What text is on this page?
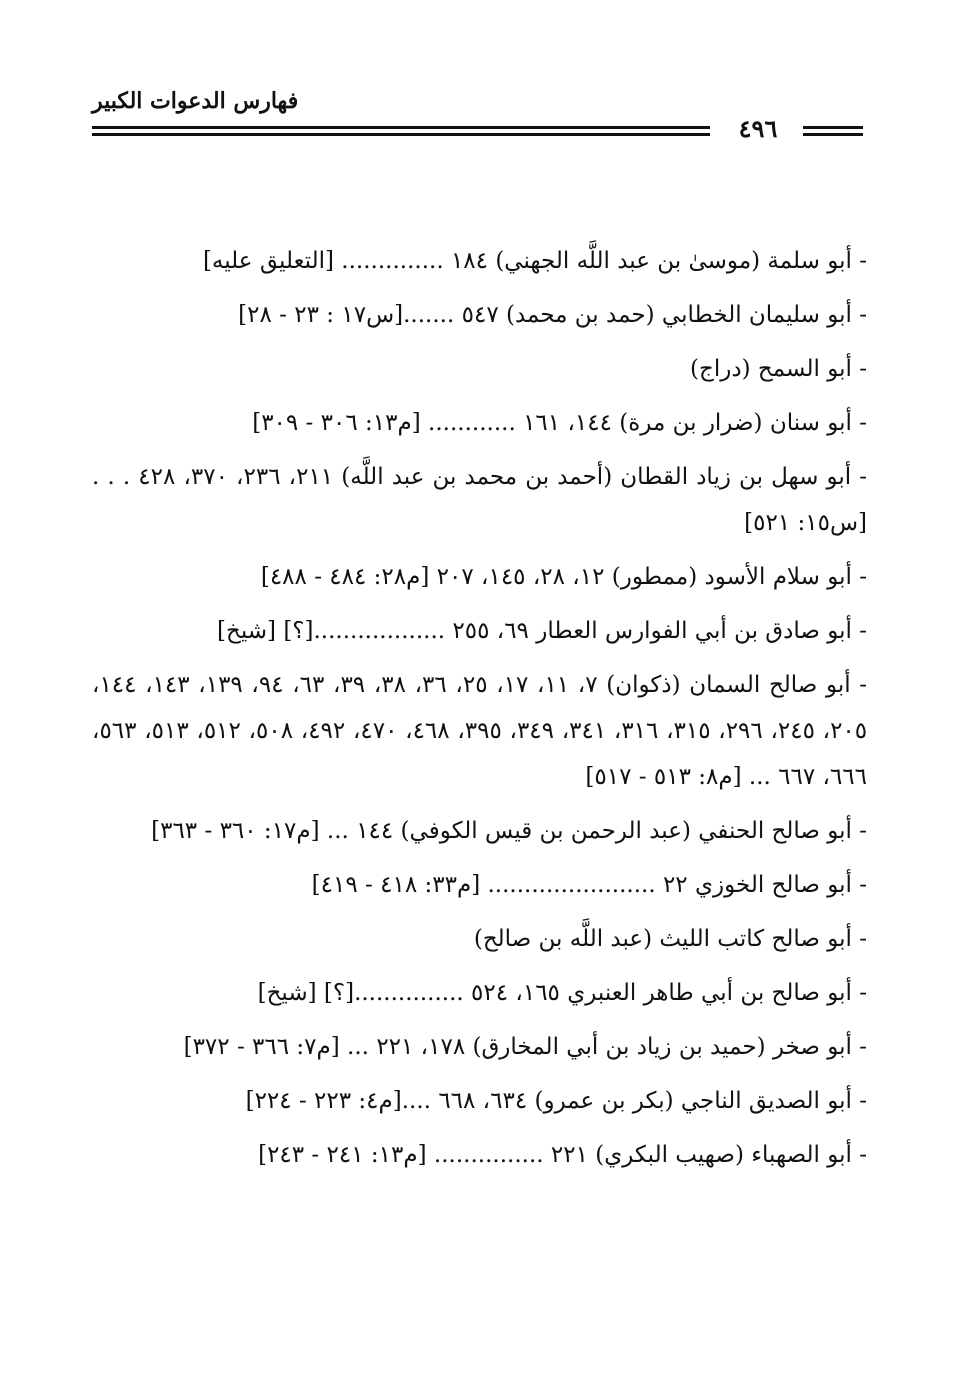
فهارس الدعوات الكبير
٤٩٦
- أبو سلمة (موسىٰ بن عبد اللَّه الجهني) ١٨٤ .............. [التعليق عليه]
- أبو سليمان الخطابي (حمد بن محمد) ٥٤٧ .......[س١٧ : ٢٣ - ٢٨]
- أبو السمح (دراج)
- أبو سنان (ضرار بن مرة) ١٤٤، ١٦١ ............ [م١٣: ٣٠٦ - ٣٠٩]
- أبو سهل بن زياد القطان (أحمد بن محمد بن عبد اللَّه) ٢١١، ٢٣٦، ٣٧٠، ٤٢٨ . . .[س١٥: ٥٢١]
- أبو سلام الأسود (ممطور) ١٢، ٢٨، ١٤٥، ٢٠٧ [م٢٨: ٤٨٤ - ٤٨٨]
- أبو صادق بن أبي الفوارس العطار ٦٩، ٢٥٥ ..................[؟] [شيخ]
- أبو صالح السمان (ذكوان) ٧، ١١، ١٧، ٢٥، ٣٦، ٣٨، ٣٩، ٦٣، ٩٤، ١٣٩، ١٤٣، ١٤٤، ٢٠٥، ٢٤٥، ٢٩٦، ٣١٥، ٣١٦، ٣٤١، ٣٤٩، ٣٩٥، ٤٦٨، ٤٧٠، ٤٩٢، ٥٠٨، ٥١٢، ٥١٣، ٥٦٣، ٦٦٦، ٦٦٧ ... [م٨: ٥١٣ - ٥١٧]
- أبو صالح الحنفي (عبد الرحمن بن قيس الكوفي) ١٤٤ ... [م١٧: ٣٦٠ - ٣٦٣]
- أبو صالح الخوزي ٢٢ ....................... [م٣٣: ٤١٨ - ٤١٩]
- أبو صالح كاتب الليث (عبد اللَّه بن صالح)
- أبو صالح بن أبي طاهر العنبري ١٦٥، ٥٢٤ ...............[؟] [شيخ]
- أبو صخر (حميد بن زياد بن أبي المخارق) ١٧٨، ٢٢١ ... [م٧: ٣٦٦ - ٣٧٢]
- أبو الصديق الناجي (بكر بن عمرو) ٦٣٤، ٦٦٨ ....[م٤: ٢٢٣ - ٢٢٤]
- أبو الصهباء (صهيب البكري) ٢٢١ ............... [م١٣: ٢٤١ - ٢٤٣]
